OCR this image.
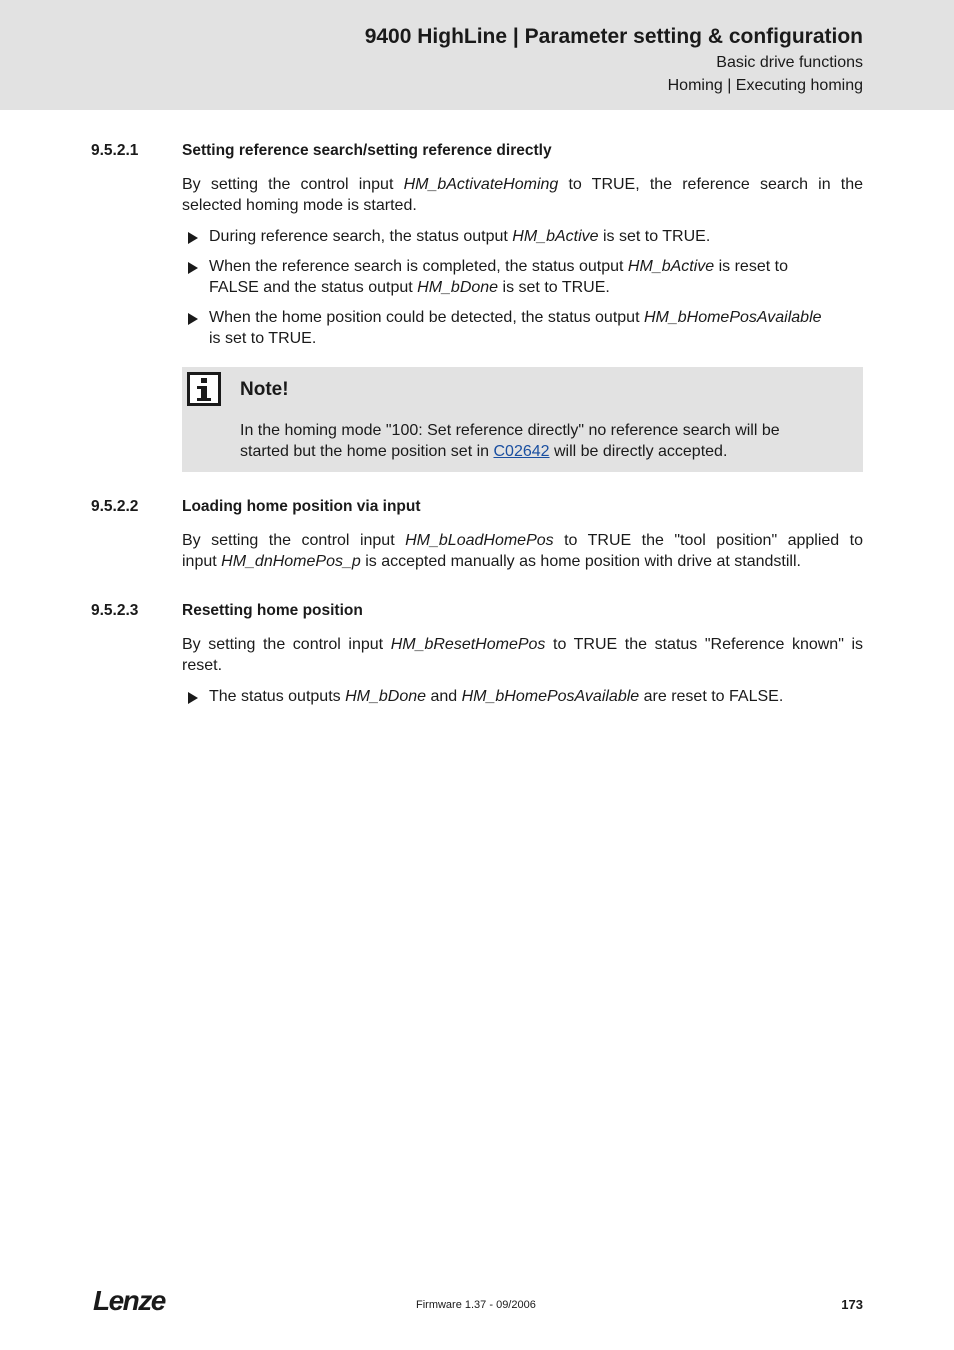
9400 HighLine | Parameter setting & configuration
Basic drive functions
Homing | Executing homing
9.5.2.1	Setting reference search/setting reference directly
By setting the control input HM_bActivateHoming to TRUE, the reference search in the
selected homing mode is started.
During reference search, the status output HM_bActive is set to TRUE.
When the reference search is completed, the status output HM_bActive is reset to
FALSE and the status output HM_bDone is set to TRUE.
When the home position could be detected, the status output HM_bHomePosAvailable
is set to TRUE.
Note!
In the homing mode "100: Set reference directly" no reference search will be
started but the home position set in C02642 will be directly accepted.
9.5.2.2	Loading home position via input
By setting the control input HM_bLoadHomePos to TRUE the "tool position" applied to
input HM_dnHomePos_p is accepted manually as home position with drive at standstill.
9.5.2.3	Resetting home position
By setting the control input HM_bResetHomePos to TRUE the status "Reference known" is
reset.
The status outputs HM_bDone and HM_bHomePosAvailable are reset to FALSE.
Lenze	Firmware 1.37 - 09/2006	173
